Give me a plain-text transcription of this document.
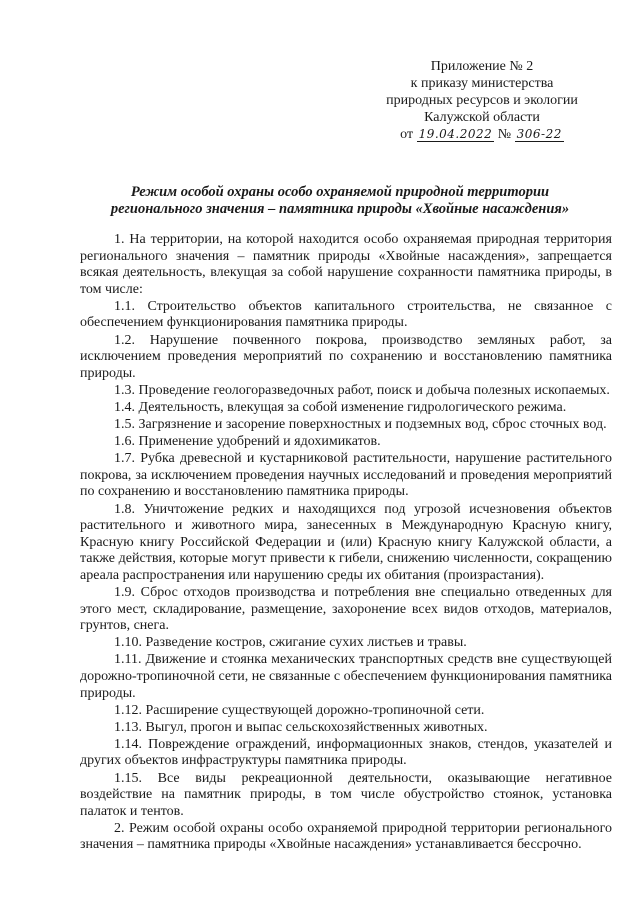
Приложение № 2
к приказу министерства
природных ресурсов и экологии
Калужской области
от 19.04.2022 № 306-22
Режим особой охраны особо охраняемой природной территории
регионального значения – памятника природы «Хвойные насаждения»

1. На территории, на которой находится особо охраняемая природная территория регионального значения – памятник природы «Хвойные насаждения», запрещается всякая деятельность, влекущая за собой нарушение сохранности памятника природы, в том числе:

1.1. Строительство объектов капитального строительства, не связанное с обеспечением функционирования памятника природы.

1.2. Нарушение почвенного покрова, производство земляных работ, за исключением проведения мероприятий по сохранению и восстановлению памятника природы.

1.3. Проведение геологоразведочных работ, поиск и добыча полезных ископаемых.

1.4. Деятельность, влекущая за собой изменение гидрологического режима.

1.5. Загрязнение и засорение поверхностных и подземных вод, сброс сточных вод.

1.6. Применение удобрений и ядохимикатов.

1.7. Рубка древесной и кустарниковой растительности, нарушение растительного покрова, за исключением проведения научных исследований и проведения мероприятий по сохранению и восстановлению памятника природы.

1.8. Уничтожение редких и находящихся под угрозой исчезновения объектов растительного и животного мира, занесенных в Международную Красную книгу, Красную книгу Российской Федерации и (или) Красную книгу Калужской области, а также действия, которые могут привести к гибели, снижению численности, сокращению ареала распространения или нарушению среды их обитания (произрастания).

1.9. Сброс отходов производства и потребления вне специально отведенных для этого мест, складирование, размещение, захоронение всех видов отходов, материалов, грунтов, снега.

1.10. Разведение костров, сжигание сухих листьев и травы.

1.11. Движение и стоянка механических транспортных средств вне существующей дорожно-тропиночной сети, не связанные с обеспечением функционирования памятника природы.

1.12. Расширение существующей дорожно-тропиночной сети.

1.13. Выгул, прогон и выпас сельскохозяйственных животных.

1.14. Повреждение ограждений, информационных знаков, стендов, указателей и других объектов инфраструктуры памятника природы.

1.15. Все виды рекреационной деятельности, оказывающие негативное воздействие на памятник природы, в том числе обустройство стоянок, установка палаток и тентов.

2. Режим особой охраны особо охраняемой природной территории регионального значения – памятника природы «Хвойные насаждения» устанавливается бессрочно.
